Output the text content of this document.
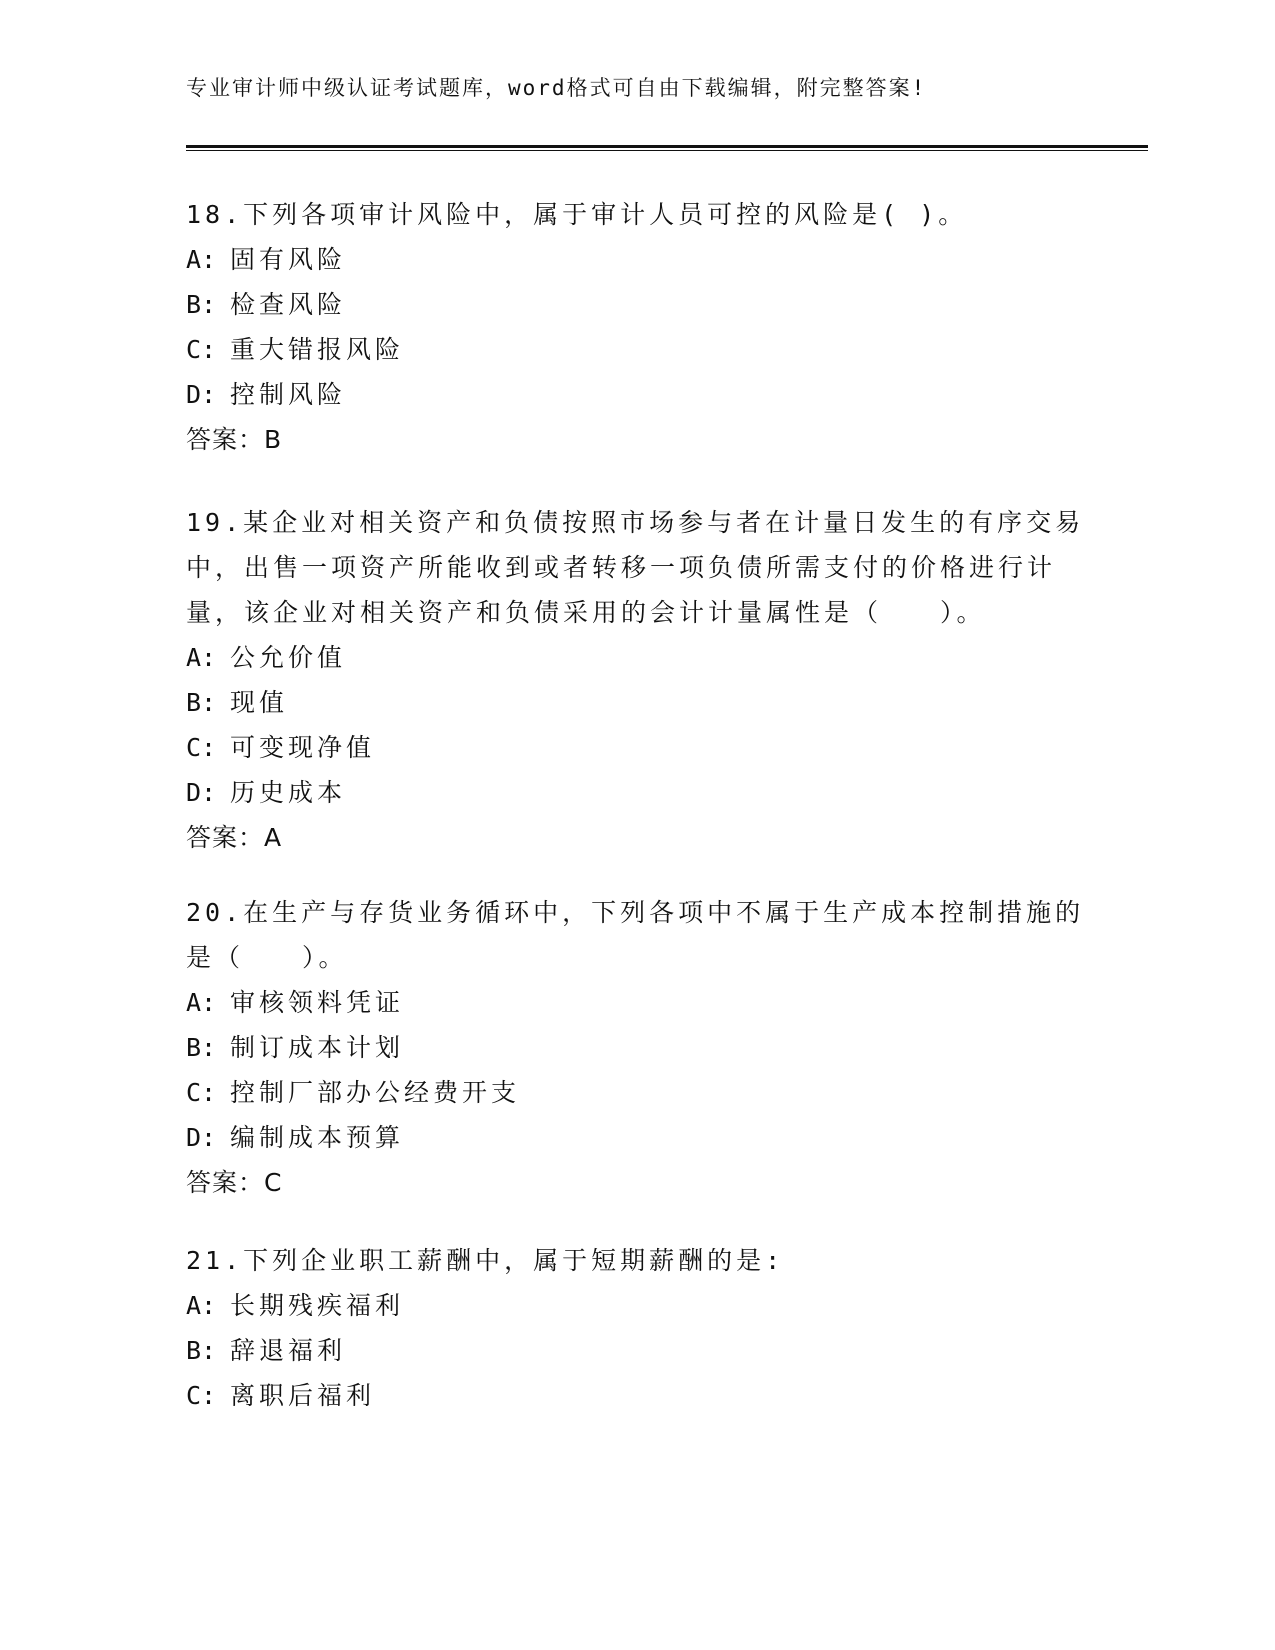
专业审计师中级认证考试题库，word格式可自由下载编辑，附完整答案!

18.下列各项审计风险中，属于审计人员可控的风险是( )。

A: 固有风险

B: 检查风险

C: 重大错报风险

D: 控制风险

答案：B

19.某企业对相关资产和负债按照市场参与者在计量日发生的有序交易

中，出售一项资产所能收到或者转移一项负债所需支付的价格进行计

量，该企业对相关资产和负债采用的会计计量属性是（　　）。

A: 公允价值

B: 现值

C: 可变现净值

D: 历史成本

答案：A

20.在生产与存货业务循环中，下列各项中不属于生产成本控制措施的

是（　　）。

A: 审核领料凭证

B: 制订成本计划

C: 控制厂部办公经费开支

D: 编制成本预算

答案：C

21.下列企业职工薪酬中，属于短期薪酬的是:

A: 长期残疾福利

B: 辞退福利

C: 离职后福利
